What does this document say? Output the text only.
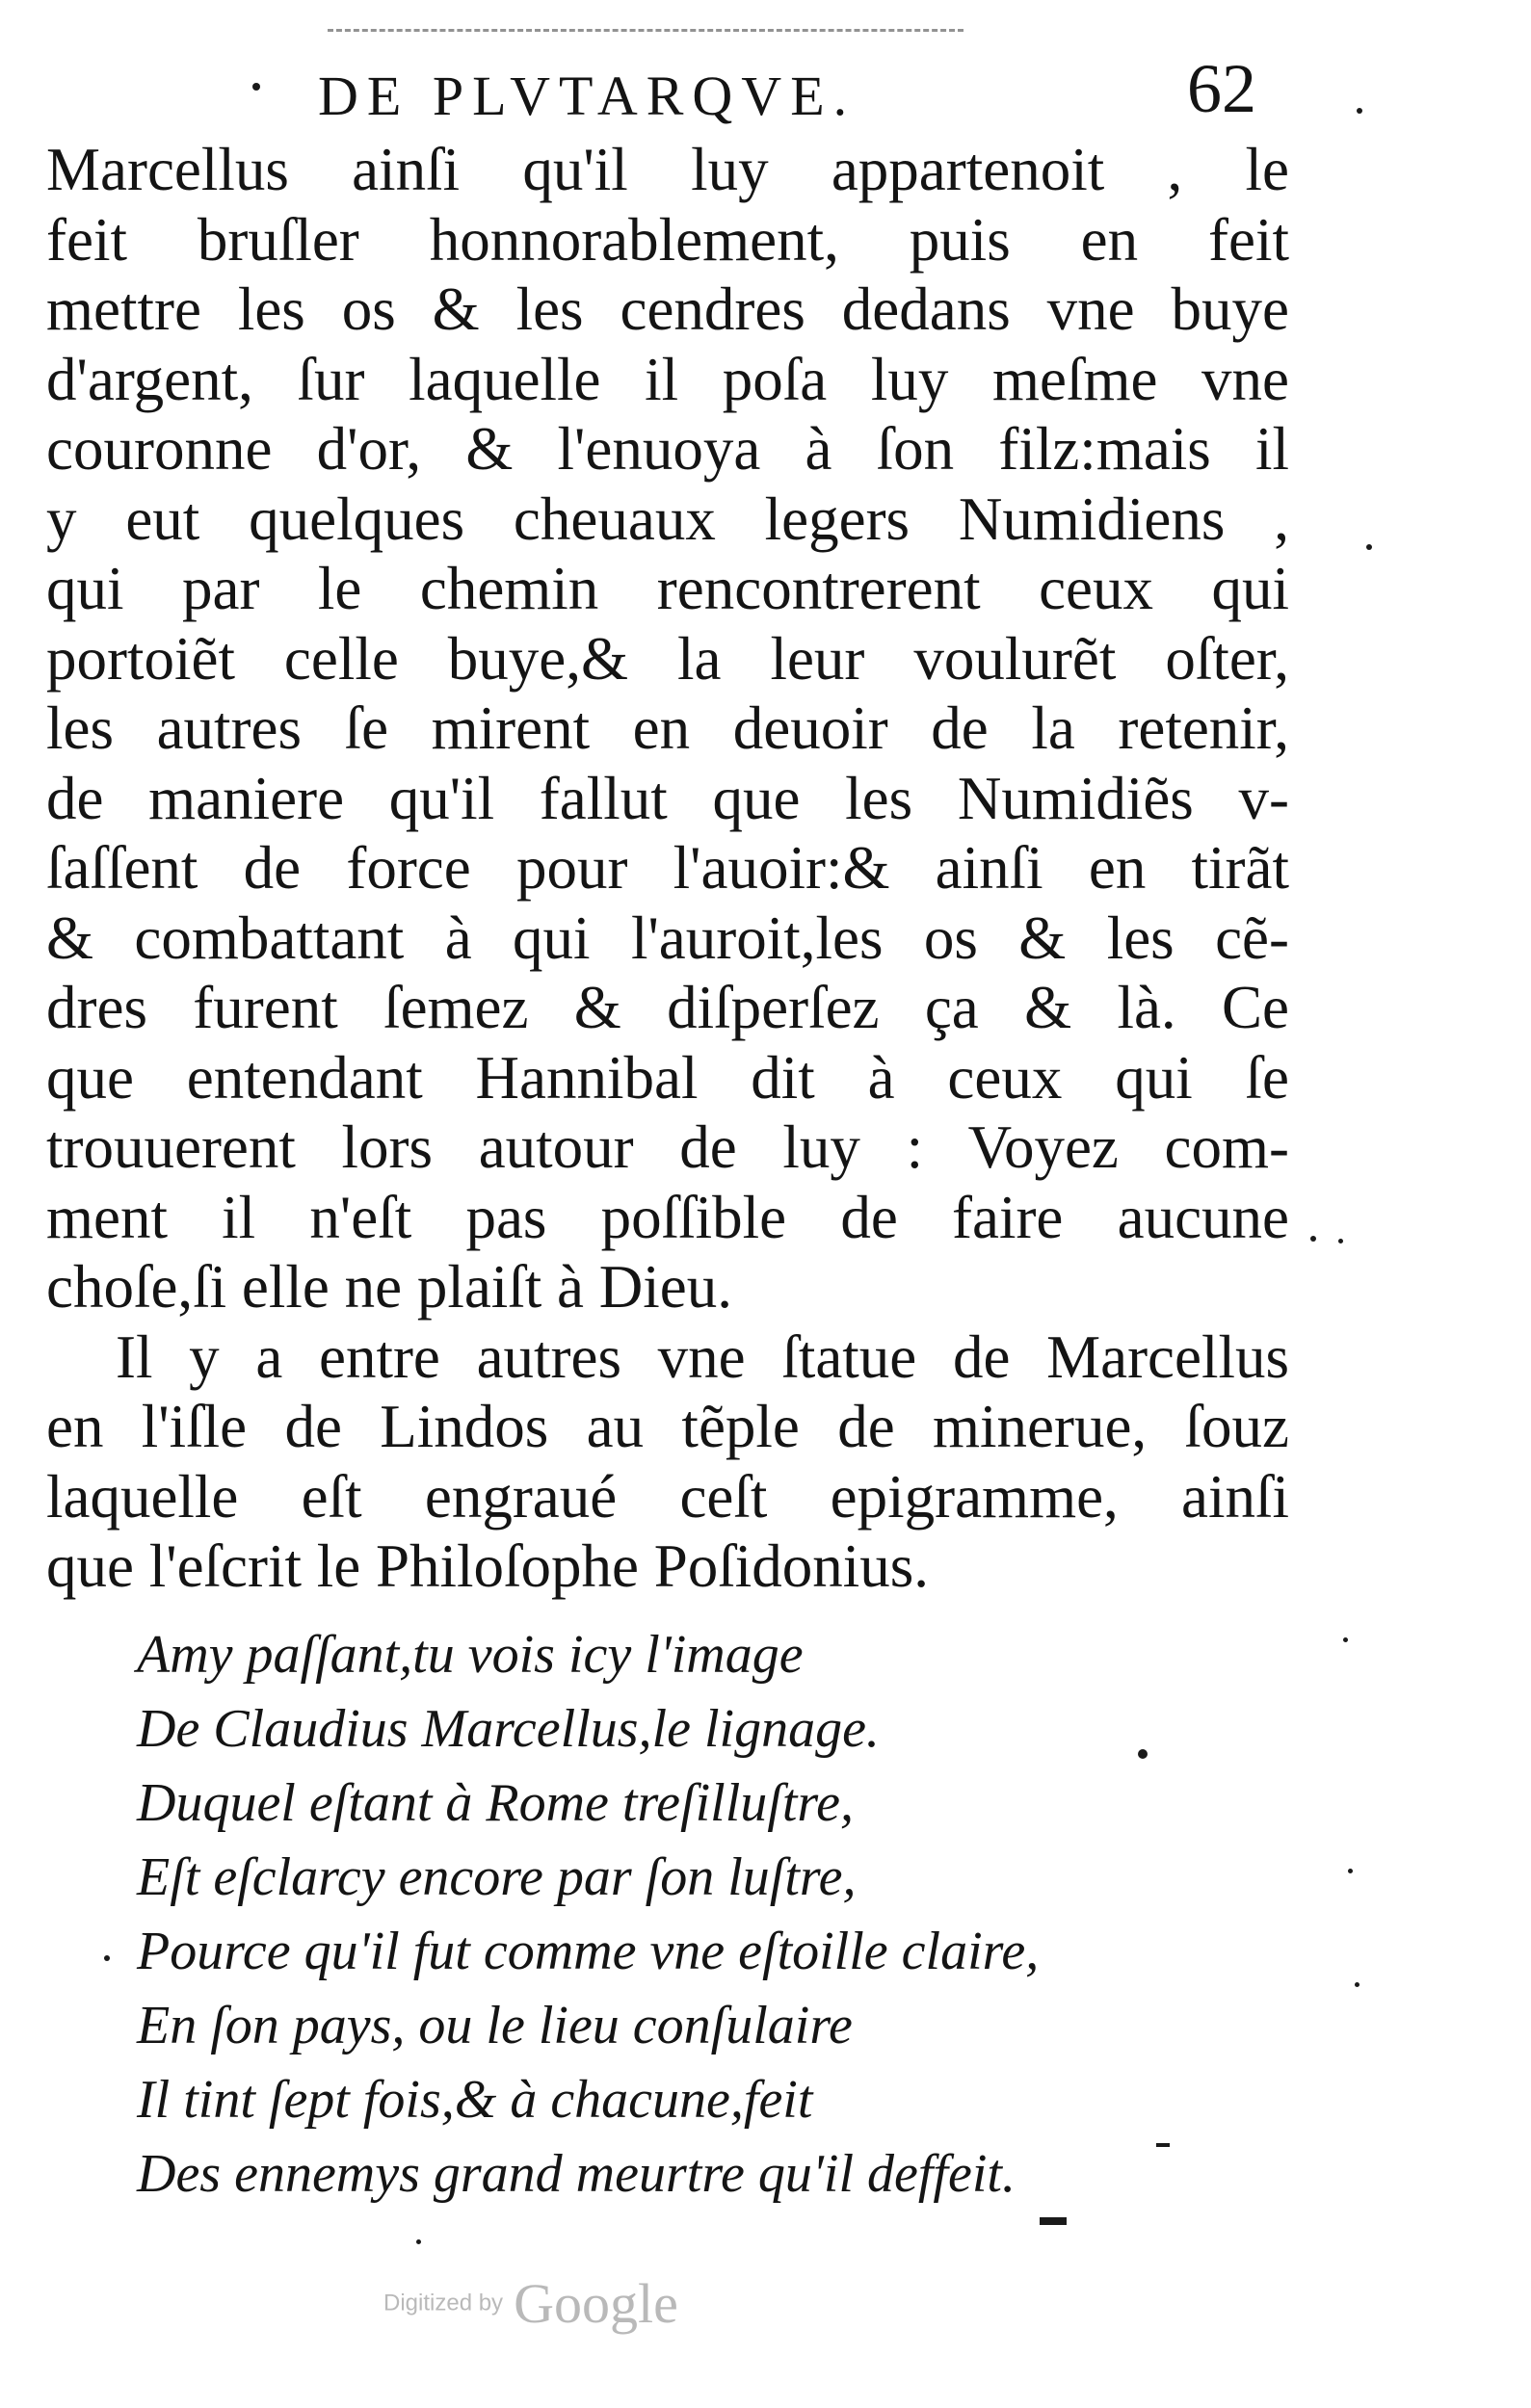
DE PLVTARQVE.	62
Marcellus ainſi qu'il luy appartenoit , le
feit bruſler honnorablement, puis en feit
mettre les os & les cendres dedans vne buye
d'argent, ſur laquelle il poſa luy meſme vne
couronne d'or, & l'enuoya à ſon filz:mais il
y eut quelques cheuaux legers Numidiens ,
qui par le chemin rencontrerent ceux qui
portoiẽt celle buye,& la leur voulurẽt oſter,
les autres ſe mirent en deuoir de la retenir,
de maniere qu'il fallut que les Numidiẽs v-
ſaſſent de force pour l'auoir:& ainſi en tirãt
& combattant à qui l'auroit,les os & les cẽ-
dres furent ſemez & diſperſez ça & là. Ce
que entendant Hannibal dit à ceux qui ſe
trouuerent lors autour de luy : Voyez com-
ment il n'eſt pas poſſible de faire aucune
choſe,ſi elle ne plaiſt à Dieu.
Il y a entre autres vne ſtatue de Marcellus
en l'iſle de Lindos au tẽple de minerue, ſouz
laquelle eſt engraué ceſt epigramme, ainſi
que l'eſcrit le Philoſophe Poſidonius.
Amy paſſant,tu vois icy l'image
De Claudius Marcellus,le lignage.
Duquel eſtant à Rome treſilluſtre,
Eſt eſclarcy encore par ſon luſtre,
Pource qu'il fut comme vne eſtoille claire,
En ſon pays, ou le lieu conſulaire
Il tint ſept fois,& à chacune,feit
Des ennemys grand meurtre qu'il deffeit.
Digitized by Google
